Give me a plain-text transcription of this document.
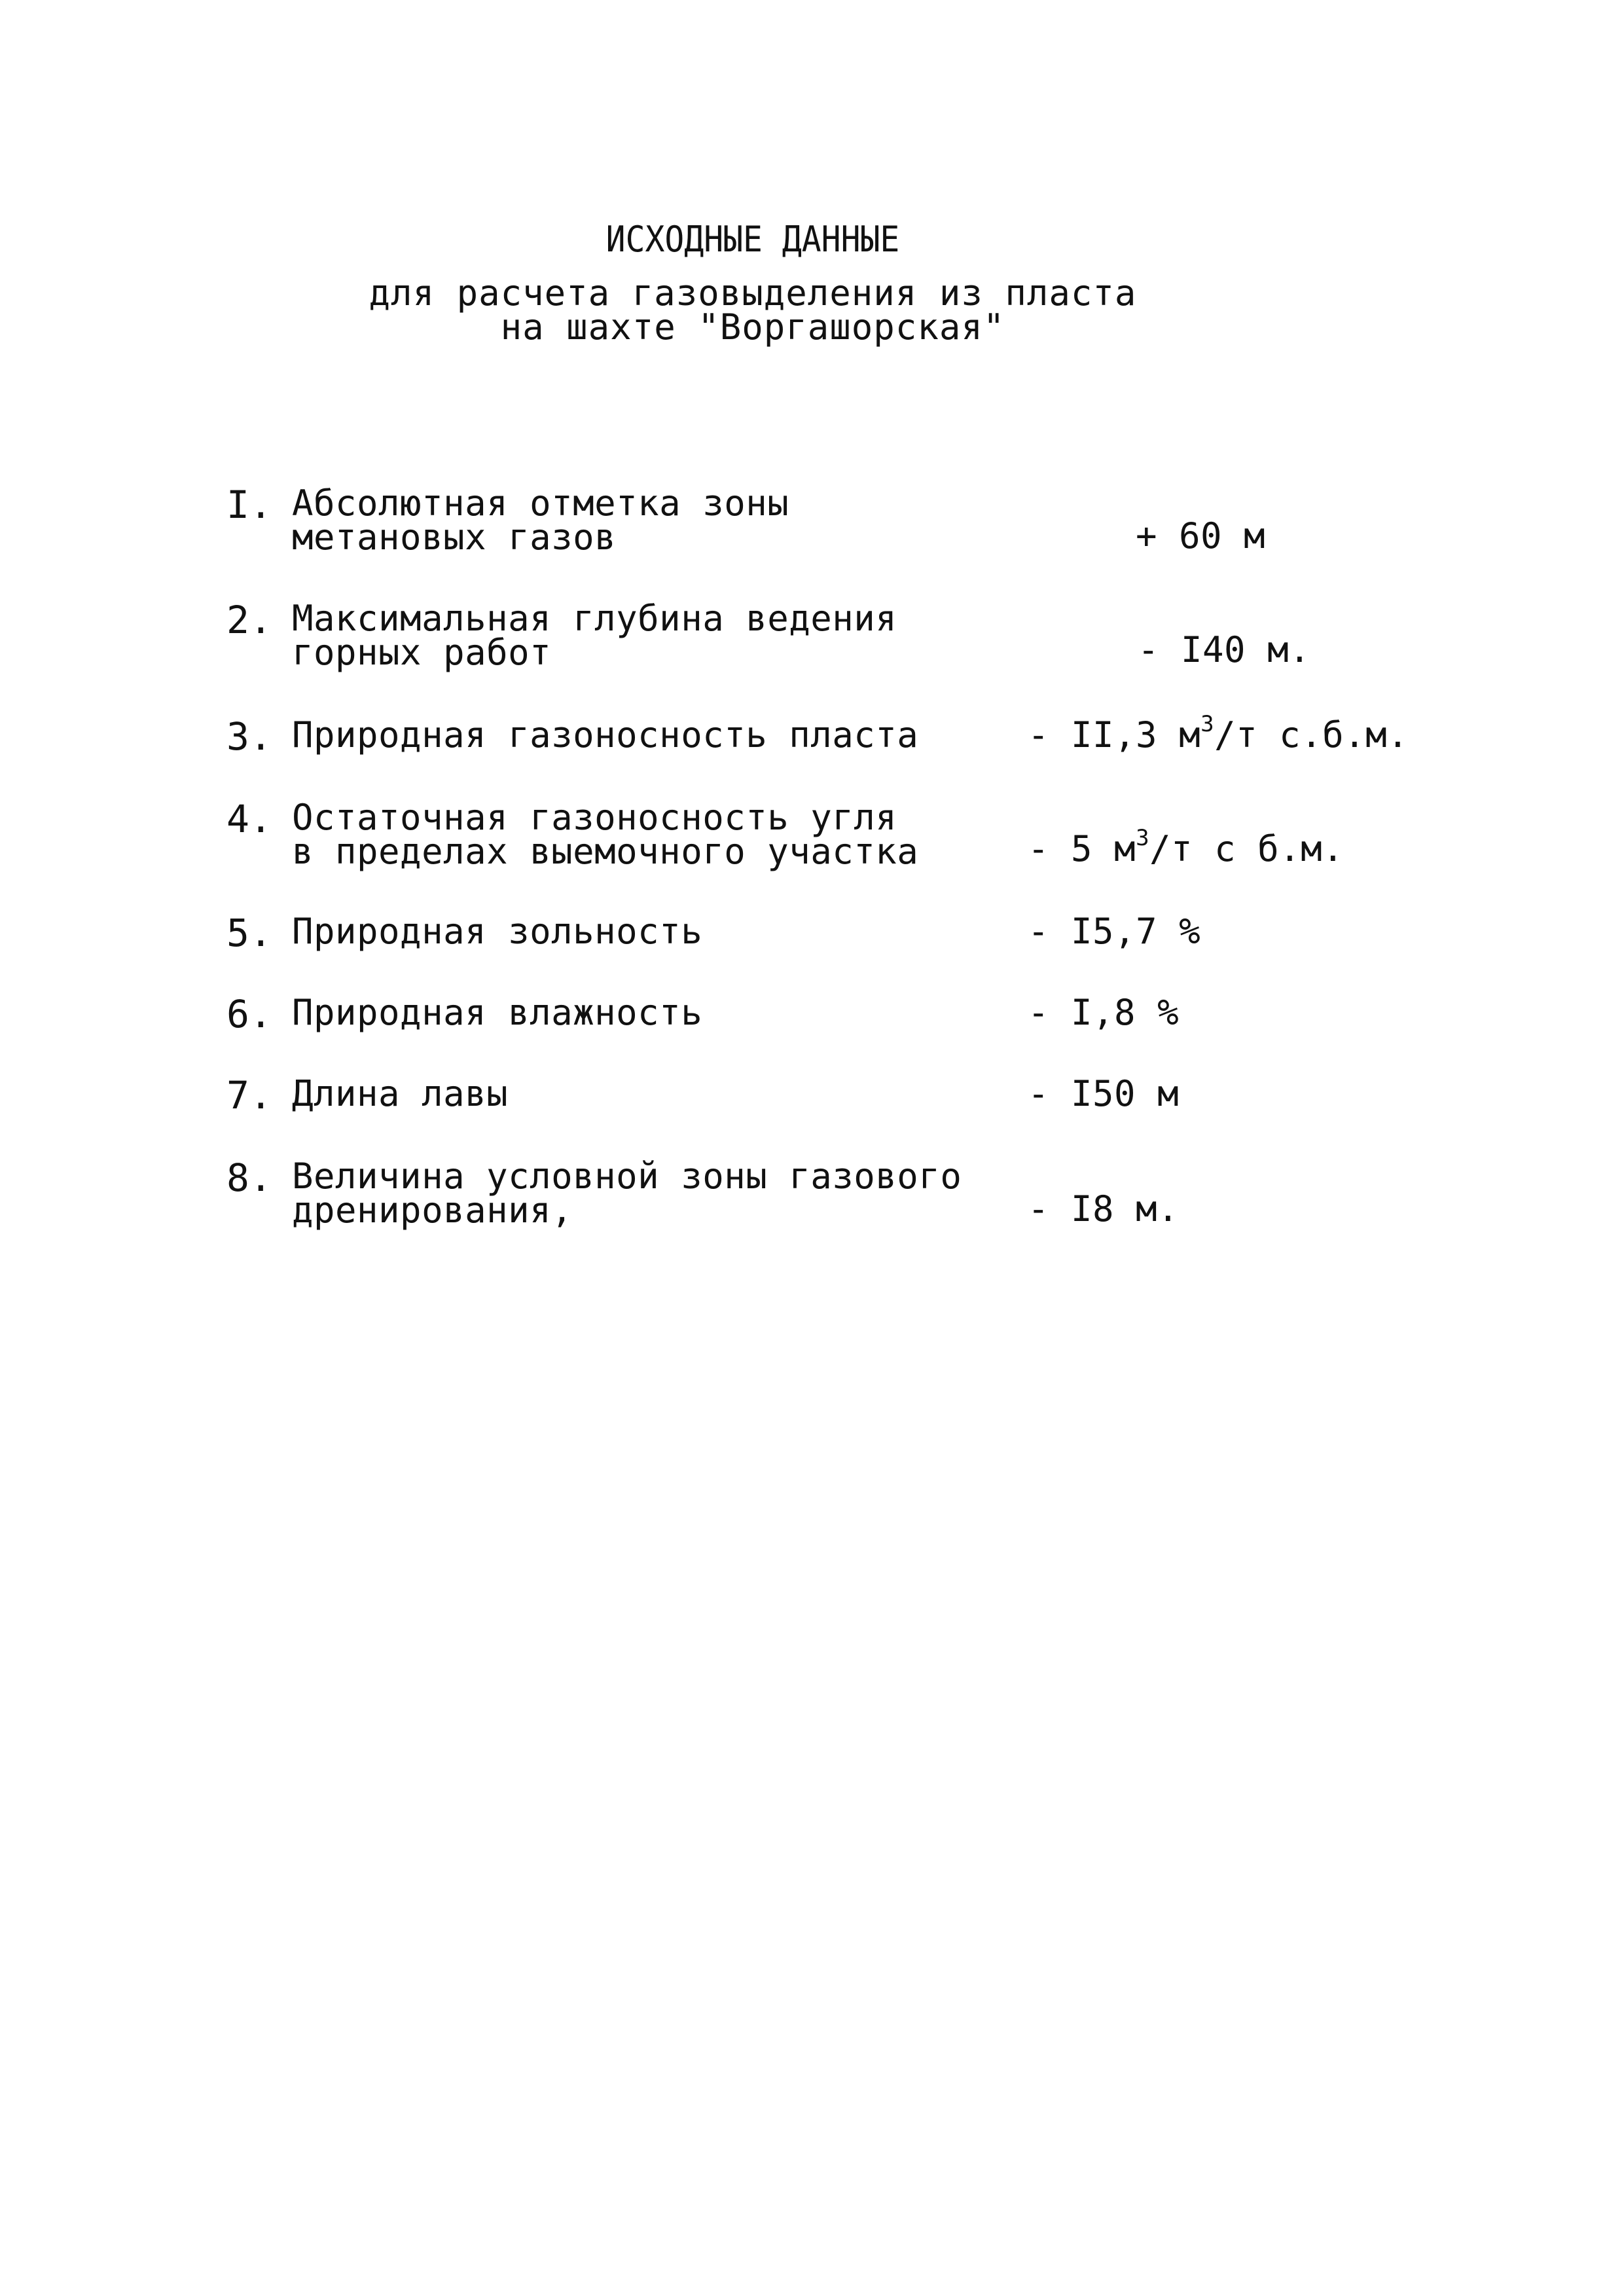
ИСХОДНЫЕ ДАННЫЕ
для расчета газовыделения из пласта
на шахте "Воргашорская"
I. Абсолютная отметка зоны
метановых газов	+ 60 м
2. Максимальная глубина ведения
горных работ	- I40 м.
3. Природная газоносность пласта	- II,3 $м^3/т$ с.б.м.
4. Остаточная газоносность угля
в пределах выемочного участка	- 5 $м^3/т$ с б.м.
5. Природная зольность	- I5,7 %
6. Природная влажность	- I,8 %
7. Длина лавы	- I50 м
8. Величина условной зоны газового
дренирования,	- I8 м.
